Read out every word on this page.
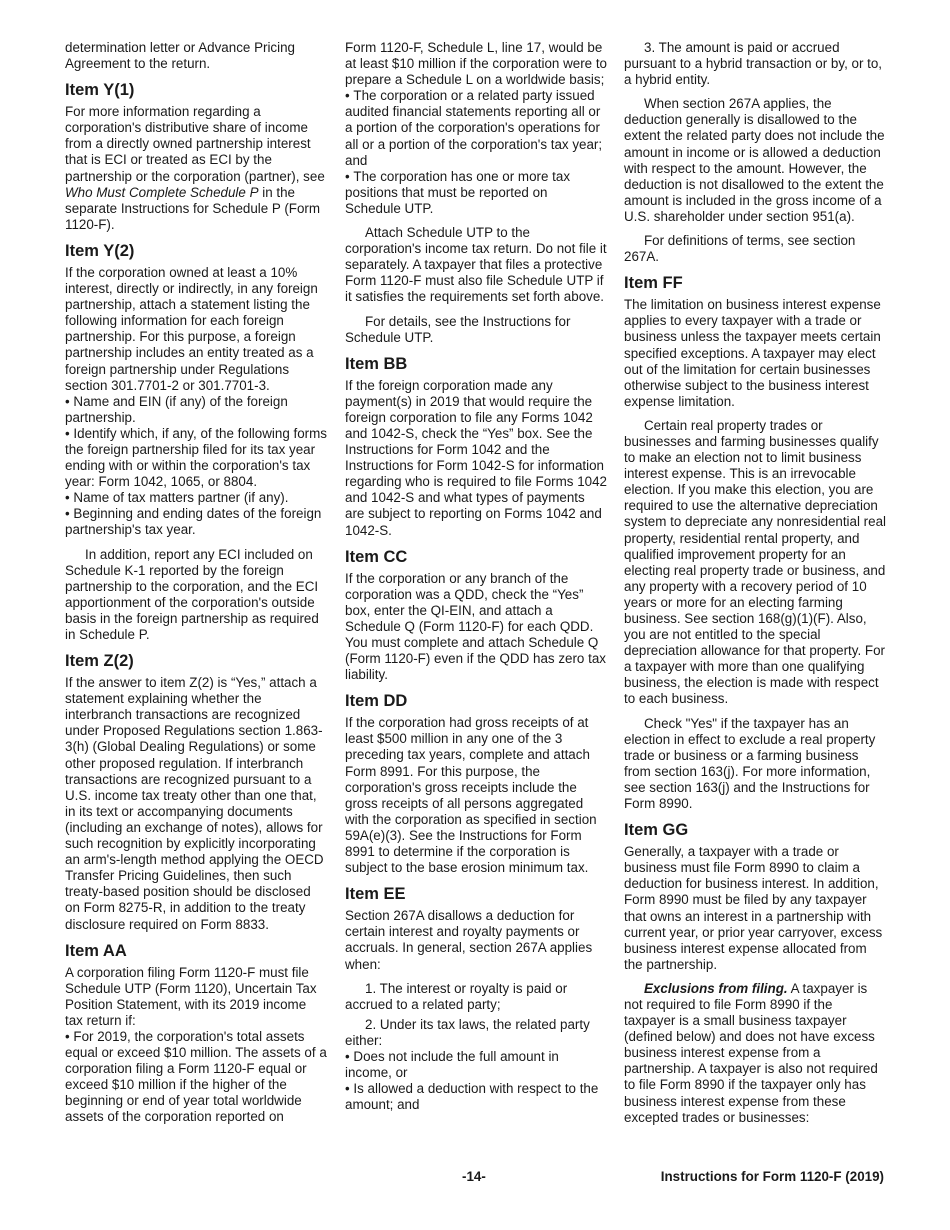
determination letter or Advance Pricing Agreement to the return.

Item Y(1)

For more information regarding a corporation's distributive share of income from a directly owned partnership interest that is ECI or treated as ECI by the partnership or the corporation (partner), see Who Must Complete Schedule P in the separate Instructions for Schedule P (Form 1120-F).

Item Y(2)

If the corporation owned at least a 10% interest, directly or indirectly, in any foreign partnership, attach a statement listing the following information for each foreign partnership. For this purpose, a foreign partnership includes an entity treated as a foreign partnership under Regulations section 301.7701-2 or 301.7701-3.

• Name and EIN (if any) of the foreign partnership.
• Identify which, if any, of the following forms the foreign partnership filed for its tax year ending with or within the corporation's tax year: Form 1042, 1065, or 8804.
• Name of tax matters partner (if any).
• Beginning and ending dates of the foreign partnership's tax year.

In addition, report any ECI included on Schedule K-1 reported by the foreign partnership to the corporation, and the ECI apportionment of the corporation's outside basis in the foreign partnership as required in Schedule P.

Item Z(2)

If the answer to item Z(2) is “Yes,” attach a statement explaining whether the interbranch transactions are recognized under Proposed Regulations section 1.863-3(h) (Global Dealing Regulations) or some other proposed regulation. If interbranch transactions are recognized pursuant to a U.S. income tax treaty other than one that, in its text or accompanying documents (including an exchange of notes), allows for such recognition by explicitly incorporating an arm's-length method applying the OECD Transfer Pricing Guidelines, then such treaty-based position should be disclosed on Form 8275-R, in addition to the treaty disclosure required on Form 8833.

Item AA

A corporation filing Form 1120-F must file Schedule UTP (Form 1120), Uncertain Tax Position Statement, with its 2019 income tax return if:

• For 2019, the corporation's total assets equal or exceed $10 million. The assets of a corporation filing a Form 1120-F equal or exceed $10 million if the higher of the beginning or end of year total worldwide assets of the corporation reported on

Form 1120-F, Schedule L, line 17, would be at least $10 million if the corporation were to prepare a Schedule L on a worldwide basis;

• The corporation or a related party issued audited financial statements reporting all or a portion of the corporation's operations for all or a portion of the corporation's tax year; and
• The corporation has one or more tax positions that must be reported on Schedule UTP.

Attach Schedule UTP to the corporation's income tax return. Do not file it separately. A taxpayer that files a protective Form 1120-F must also file Schedule UTP if it satisfies the requirements set forth above.

For details, see the Instructions for Schedule UTP.

Item BB

If the foreign corporation made any payment(s) in 2019 that would require the foreign corporation to file any Forms 1042 and 1042-S, check the “Yes” box. See the Instructions for Form 1042 and the Instructions for Form 1042-S for information regarding who is required to file Forms 1042 and 1042-S and what types of payments are subject to reporting on Forms 1042 and 1042-S.

Item CC

If the corporation or any branch of the corporation was a QDD, check the “Yes” box, enter the QI-EIN, and attach a Schedule Q (Form 1120-F) for each QDD. You must complete and attach Schedule Q (Form 1120-F) even if the QDD has zero tax liability.

Item DD

If the corporation had gross receipts of at least $500 million in any one of the 3 preceding tax years, complete and attach Form 8991. For this purpose, the corporation's gross receipts include the gross receipts of all persons aggregated with the corporation as specified in section 59A(e)(3). See the Instructions for Form 8991 to determine if the corporation is subject to the base erosion minimum tax.

Item EE

Section 267A disallows a deduction for certain interest and royalty payments or accruals. In general, section 267A applies when:

1. The interest or royalty is paid or accrued to a related party;

2. Under its tax laws, the related party either:

• Does not include the full amount in income, or
• Is allowed a deduction with respect to the amount; and

3. The amount is paid or accrued pursuant to a hybrid transaction or by, or to, a hybrid entity.

When section 267A applies, the deduction generally is disallowed to the extent the related party does not include the amount in income or is allowed a deduction with respect to the amount. However, the deduction is not disallowed to the extent the amount is included in the gross income of a U.S. shareholder under section 951(a).

For definitions of terms, see section 267A.

Item FF

The limitation on business interest expense applies to every taxpayer with a trade or business unless the taxpayer meets certain specified exceptions. A taxpayer may elect out of the limitation for certain businesses otherwise subject to the business interest expense limitation.

Certain real property trades or businesses and farming businesses qualify to make an election not to limit business interest expense. This is an irrevocable election. If you make this election, you are required to use the alternative depreciation system to depreciate any nonresidential real property, residential rental property, and qualified improvement property for an electing real property trade or business, and any property with a recovery period of 10 years or more for an electing farming business. See section 168(g)(1)(F). Also, you are not entitled to the special depreciation allowance for that property. For a taxpayer with more than one qualifying business, the election is made with respect to each business.

Check "Yes" if the taxpayer has an election in effect to exclude a real property trade or business or a farming business from section 163(j). For more information, see section 163(j) and the Instructions for Form 8990.

Item GG

Generally, a taxpayer with a trade or business must file Form 8990 to claim a deduction for business interest. In addition, Form 8990 must be filed by any taxpayer that owns an interest in a partnership with current year, or prior year carryover, excess business interest expense allocated from the partnership.

Exclusions from filing. A taxpayer is not required to file Form 8990 if the taxpayer is a small business taxpayer (defined below) and does not have excess business interest expense from a partnership. A taxpayer is also not required to file Form 8990 if the taxpayer only has business interest expense from these excepted trades or businesses:

-14-	Instructions for Form 1120-F (2019)
